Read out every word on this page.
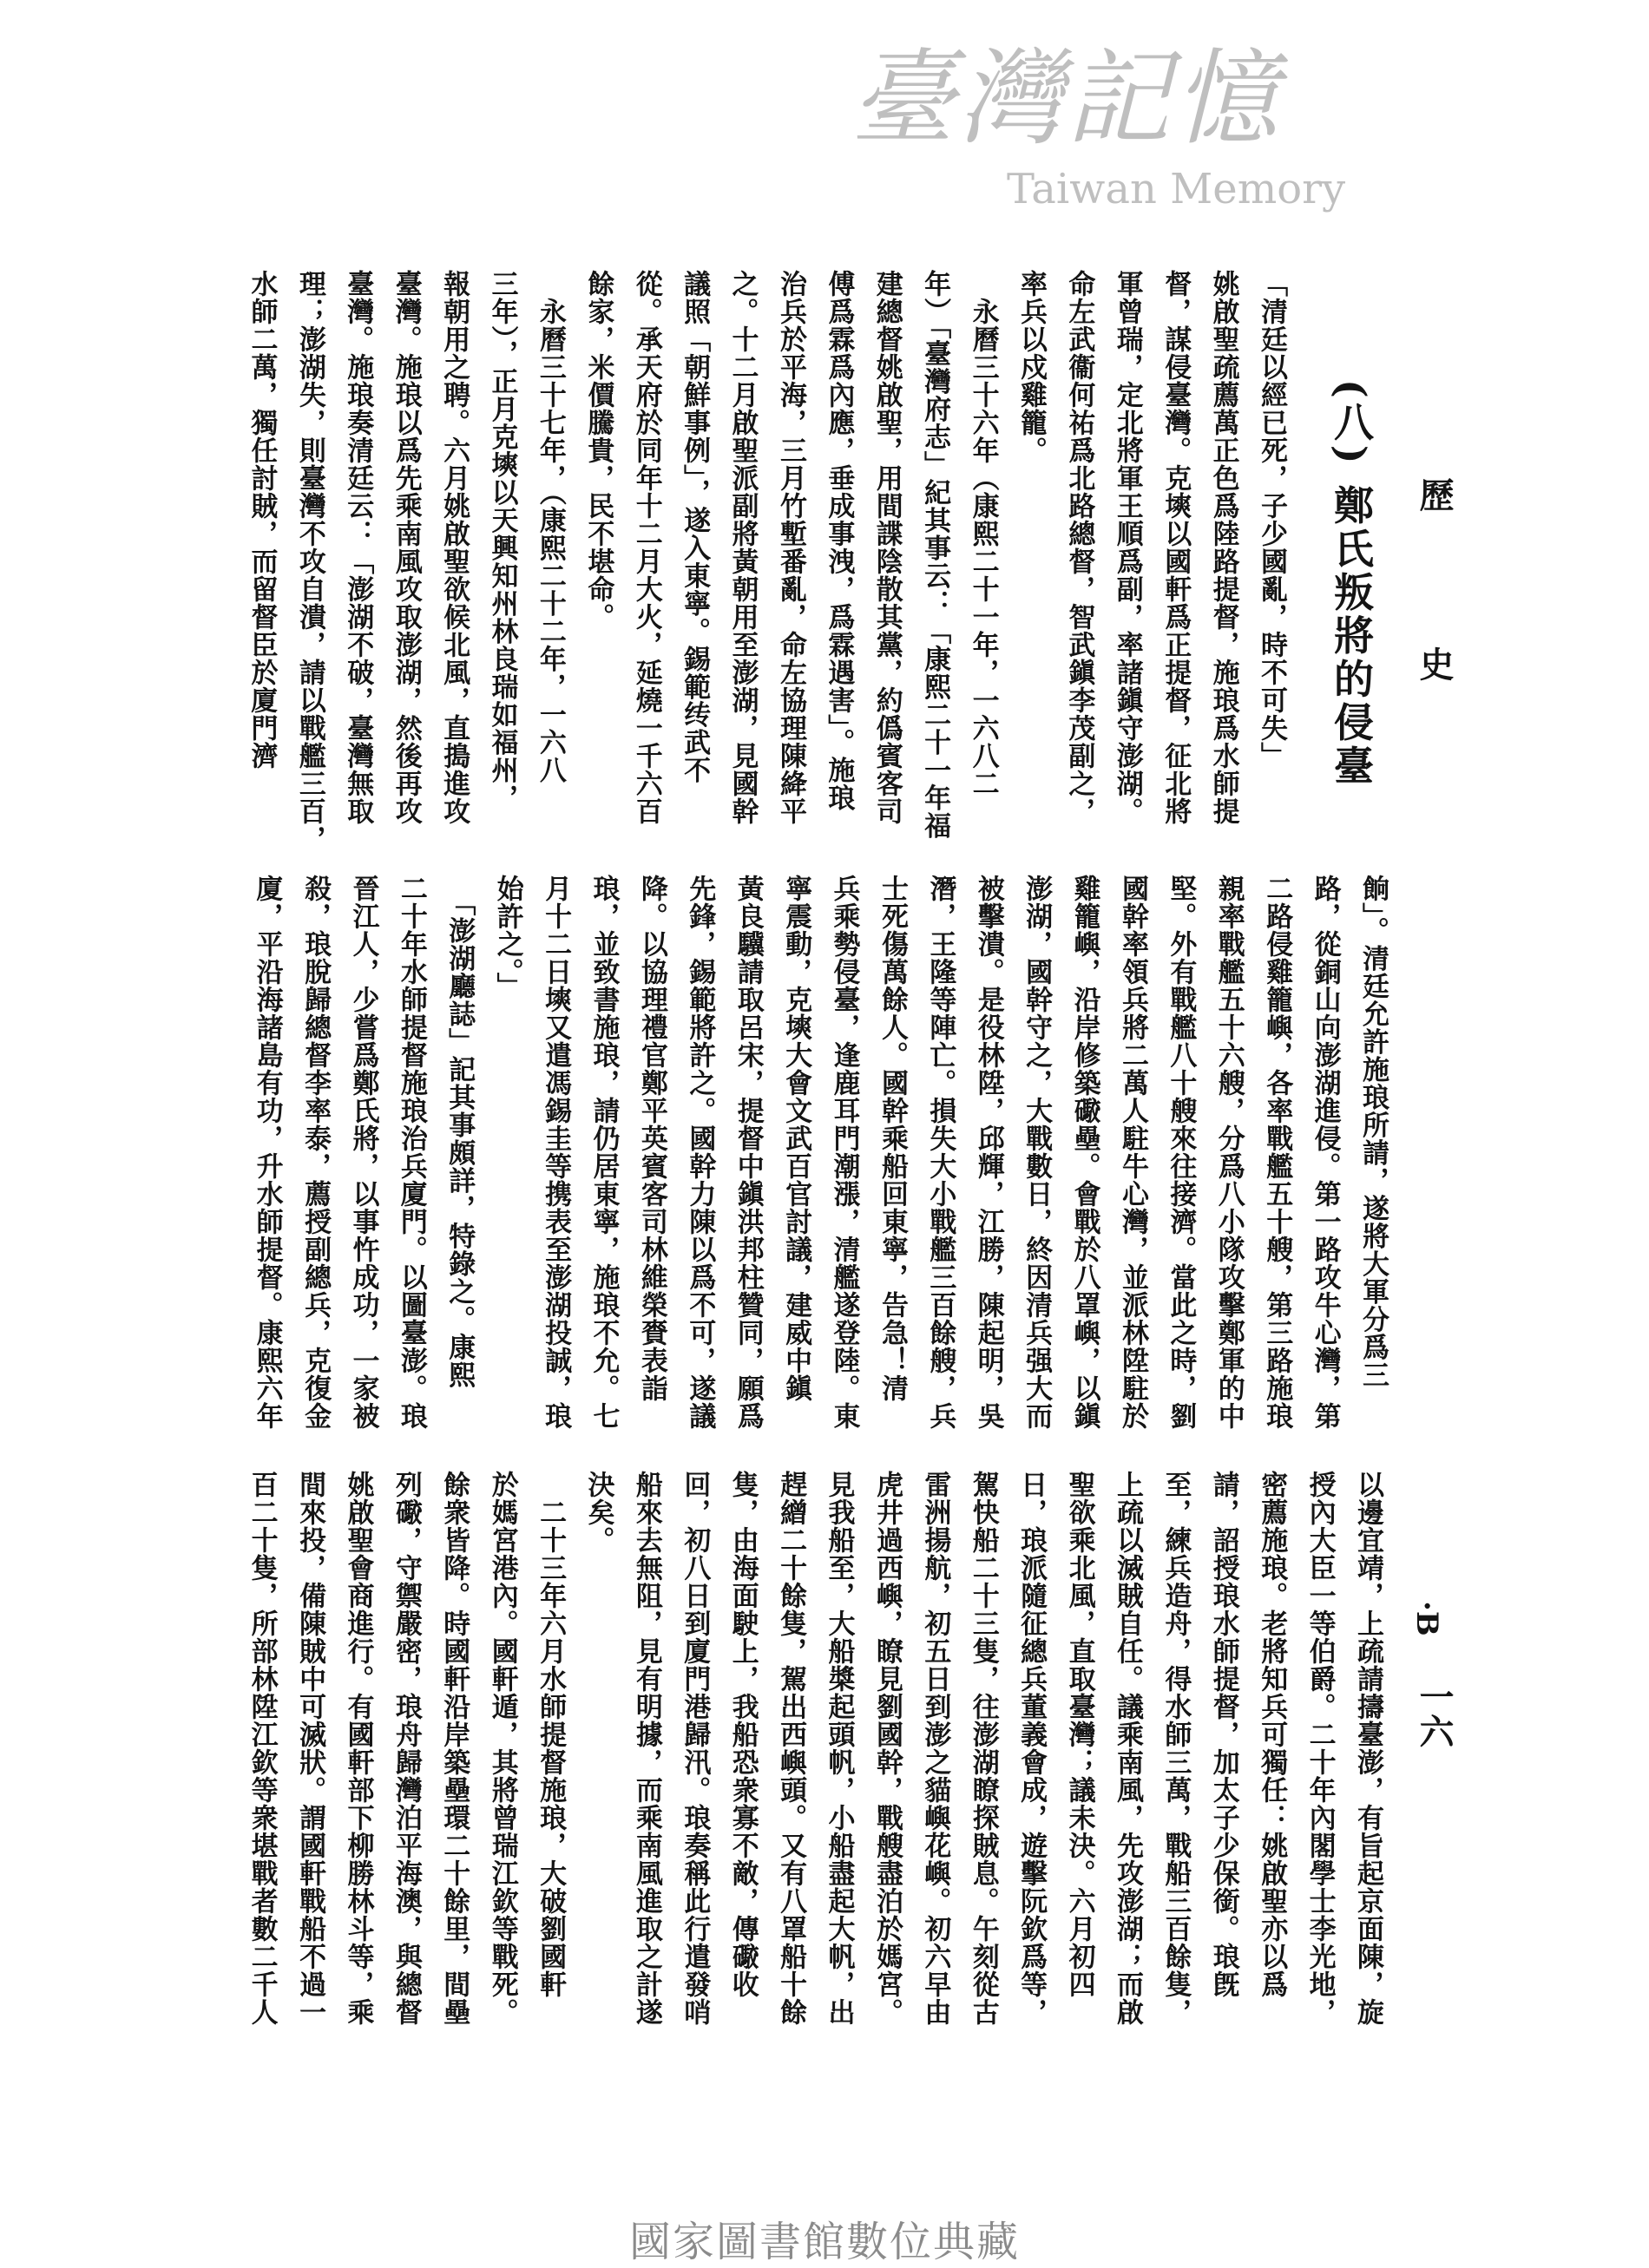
歷
史
·B
一六
(八) 鄭氏叛將的侵臺
「清廷以經已死，子少國亂，時不可失」
姚啟聖疏薦萬正色爲陸路提督，施琅爲水師提
督，謀侵臺灣。克塽以國軒爲正提督，征北將
軍曾瑞，定北將軍王順爲副，率諸鎭守澎湖。
命左武衞何祐爲北路總督，智武鎭李茂副之，
率兵以戍雞籠。
　永曆三十六年（康熙二十一年，一六八二
年）「臺灣府志」紀其事云：「康熙二十一年福
建總督姚啟聖，用間諜陰散其黨，約僞賓客司
傅爲霖爲內應，垂成事洩，爲霖遇害」。施琅
治兵於平海，三月竹塹番亂，命左協理陳絳平
之。十二月啟聖派副將黃朝用至澎湖，見國幹
議照「朝鮮事例」，遂入東寧。錫範䌸武不
從。承天府於同年十二月大火，延燒一千六百
餘家，米價騰貴，民不堪命。
　永曆三十七年，（康熙二十二年，一六八
三年），正月克塽以天興知州林良瑞如福州，
報朝用之聘。六月姚啟聖欲候北風，直搗進攻
臺灣。施琅以爲先乘南風攻取澎湖，然後再攻
臺灣。施琅奏清廷云：「澎湖不破，臺灣無取
理；澎湖失，則臺灣不攻自潰，請以戰艦三百，
水師二萬，獨任討賊，而留督臣於廈門濟
餉」。清廷允許施琅所請，遂將大軍分爲三
路，從銅山向澎湖進侵。第一路攻牛心灣，第
二路侵雞籠嶼，各率戰艦五十艘，第三路施琅
親率戰艦五十六艘，分爲八小隊攻擊鄭軍的中
堅。外有戰艦八十艘來往接濟。當此之時，劉
國幹率領兵將二萬人駐牛心灣，並派林陞駐於
雞籠嶼，沿岸修築礮壘。會戰於八罩嶼，以鎭
澎湖，國幹守之，大戰數日，終因清兵强大而
被擊潰。是役林陞，邱輝，江勝，陳起明，吳
潛，王隆等陣亡。損失大小戰艦三百餘艘，兵
士死傷萬餘人。國幹乘船回東寧，告急！清
兵乘勢侵臺，逢鹿耳門潮漲，清艦遂登陸。東
寧震動，克塽大會文武百官討議，建威中鎭
黃良驥請取呂宋，提督中鎭洪邦柱贊同，願爲
先鋒，錫範將許之。國幹力陳以爲不可，遂議
降。以協理禮官鄭平英賓客司林維榮賚表詣
琅，並致書施琅，請仍居東寧，施琅不允。七
月十二日塽又遣馮錫圭等携表至澎湖投誠，琅
始許之。」
　「澎湖廳誌」記其事頗詳，特錄之。康熙
二十年水師提督施琅治兵廈門。以圖臺澎。琅
晉江人，少嘗爲鄭氏將，以事忤成功，一家被
殺，琅脫歸總督李率泰，薦授副總兵，克復金
廈，平沿海諸島有功，升水師提督。康熙六年
以邊宜靖，上疏請擣臺澎，有旨起京面陳，旋
授內大臣一等伯爵。二十年內閣學士李光地，
密薦施琅。老將知兵可獨任：姚啟聖亦以爲
請，詔授琅水師提督，加太子少保銜。琅旣
至，練兵造舟，得水師三萬，戰船三百餘隻，
上疏以滅賊自任。議乘南風，先攻澎湖；而啟
聖欲乘北風，直取臺灣；議未決。六月初四
日，琅派隨征總兵董義會成，遊擊阮欽爲等，
駕快船二十三隻，往澎湖瞭探賊息。午刻從古
雷洲揚航，初五日到澎之貓嶼花嶼。初六早由
虎井過西嶼，瞭見劉國幹，戰艘盡泊於媽宮。
見我船至，大船槳起頭帆，小船盡起大帆，出
趕繒二十餘隻，駕出西嶼頭。又有八罩船十餘
隻，由海面駛上，我船恐衆寡不敵，傳礮收
回，初八日到廈門港歸汛。琅奏稱此行遣發哨
船來去無阻，見有明據，而乘南風進取之計遂
決矣。
　二十三年六月水師提督施琅，大破劉國軒
於媽宮港內。國軒遁，其將曾瑞江欽等戰死。
餘衆皆降。時國軒沿岸築壘環二十餘里，間壘
列礮，守禦嚴密，琅舟歸灣泊平海澳，與總督
姚啟聖會商進行。有國軒部下柳勝林斗等，乘
間來投，備陳賊中可滅狀。謂國軒戰船不過一
百二十隻，所部林陞江欽等衆堪戰者數二千人
臺灣記憶
Taiwan Memory
國家圖書館數位典藏
